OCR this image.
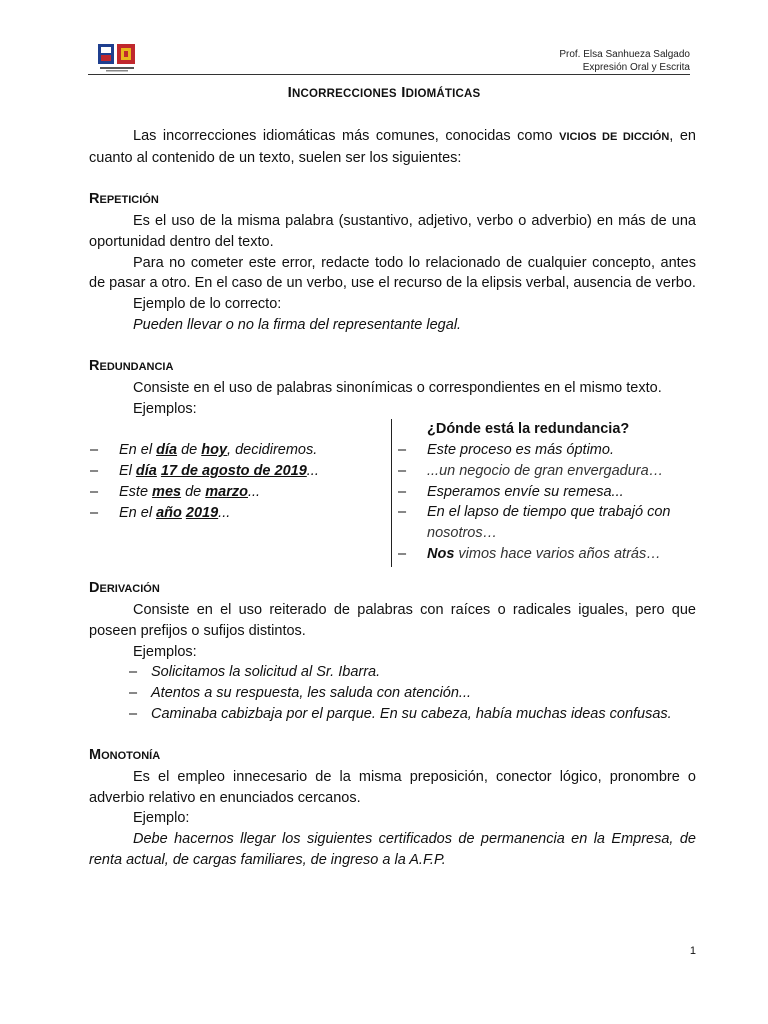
Prof. Elsa Sanhueza Salgado
Expresión Oral y Escrita
INCORRECCIONES IDIOMÁTICAS

Las incorrecciones idiomáticas más comunes, conocidas como VICIOS DE DICCIÓN, en cuanto al contenido de un texto, suelen ser los siguientes:

REPETICIÓN

Es el uso de la misma palabra (sustantivo, adjetivo, verbo o adverbio) en más de una oportunidad dentro del texto.

Para no cometer este error, redacte todo lo relacionado de cualquier concepto, antes de pasar a otro. En el caso de un verbo, use el recurso de la elipsis verbal, ausencia de verbo.

Ejemplo de lo correcto:

Pueden llevar o no la firma del representante legal.

REDUNDANCIA

Consiste en el uso de palabras sinonímicas o correspondientes en el mismo texto.

Ejemplos:

– En el día de hoy, decidiremos.
– El día 17 de agosto de 2019...
– Este mes de marzo...
– En el año 2019...
¿Dónde está la redundancia?
– Este proceso es más óptimo.
– ...un negocio de gran envergadura…
– Esperamos envíe su remesa...
– En el lapso de tiempo que trabajó con
nosotros…
– Nos vimos hace varios años atrás…

DERIVACIÓN

Consiste en el uso reiterado de palabras con raíces o radicales iguales, pero que poseen prefijos o sufijos distintos.

Ejemplos:

– Solicitamos la solicitud al Sr. Ibarra.
– Atentos a su respuesta, les saluda con atención...
– Caminaba cabizbaja por el parque. En su cabeza, había muchas ideas confusas.

MONOTONÍA

Es el empleo innecesario de la misma preposición, conector lógico, pronombre o adverbio relativo en enunciados cercanos.

Ejemplo:

Debe hacernos llegar los siguientes certificados de permanencia en la Empresa, de renta actual, de cargas familiares, de ingreso a la A.F.P.

1
